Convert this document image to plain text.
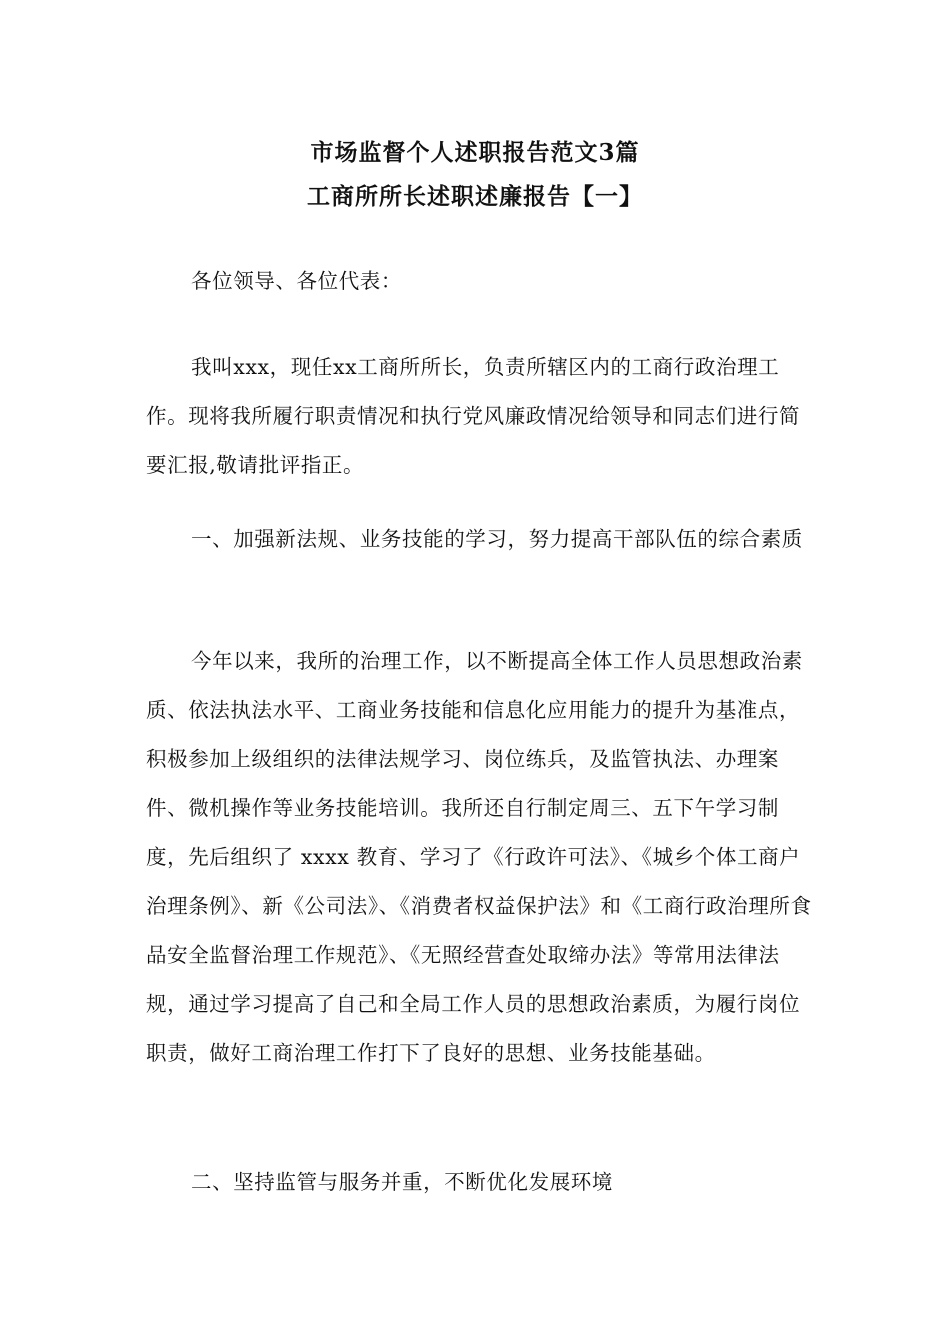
市场监督个人述职报告范文3篇
工商所所长述职述廉报告【一】

各位领导、各位代表：

我叫xxx，现任xx工商所所长，负责所辖区内的工商行政治理工作。现将我所履行职责情况和执行党风廉政情况给领导和同志们进行简要汇报,敬请批评指正。

一、加强新法规、业务技能的学习，努力提高干部队伍的综合素质

今年以来，我所的治理工作，以不断提高全体工作人员思想政治素质、依法执法水平、工商业务技能和信息化应用能力的提升为基准点，积极参加上级组织的法律法规学习、岗位练兵，及监管执法、办理案件、微机操作等业务技能培训。我所还自行制定周三、五下午学习制度，先后组织了 xxxx 教育、学习了《行政许可法》、《城乡个体工商户治理条例》、新《公司法》、《消费者权益保护法》和《工商行政治理所食品安全监督治理工作规范》、《无照经营查处取缔办法》等常用法律法规，通过学习提高了自己和全局工作人员的思想政治素质，为履行岗位职责，做好工商治理工作打下了良好的思想、业务技能基础。

二、坚持监管与服务并重，不断优化发展环境
